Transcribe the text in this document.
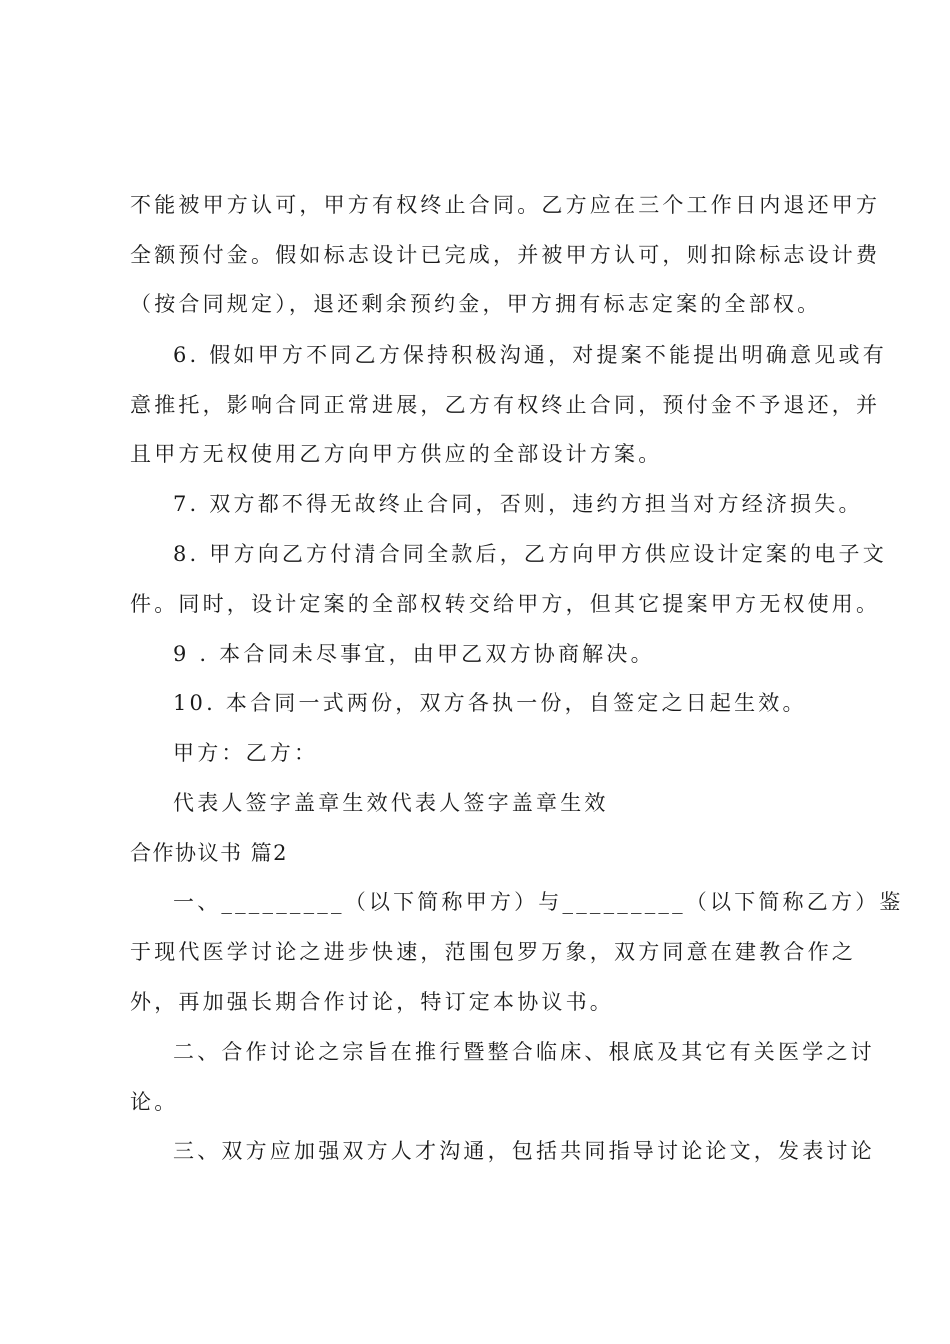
不能被甲方认可，甲方有权终止合同。乙方应在三个工作日内退还甲方
全额预付金。假如标志设计已完成，并被甲方认可，则扣除标志设计费
（按合同规定），退还剩余预约金，甲方拥有标志定案的全部权。
6. 假如甲方不同乙方保持积极沟通，对提案不能提出明确意见或有
意推托，影响合同正常进展，乙方有权终止合同，预付金不予退还，并
且甲方无权使用乙方向甲方供应的全部设计方案。
7. 双方都不得无故终止合同，否则，违约方担当对方经济损失。
8. 甲方向乙方付清合同全款后，乙方向甲方供应设计定案的电子文
件。同时，设计定案的全部权转交给甲方，但其它提案甲方无权使用。
9 . 本合同未尽事宜，由甲乙双方协商解决。
10. 本合同一式两份，双方各执一份，自签定之日起生效。
甲方：乙方：
代表人签字盖章生效代表人签字盖章生效
合作协议书 篇2
一、_________（以下简称甲方）与_________（以下简称乙方）鉴
于现代医学讨论之进步快速，范围包罗万象，双方同意在建教合作之
外，再加强长期合作讨论，特订定本协议书。
二、合作讨论之宗旨在推行暨整合临床、根底及其它有关医学之讨
论。
三、双方应加强双方人才沟通，包括共同指导讨论论文，发表讨论
